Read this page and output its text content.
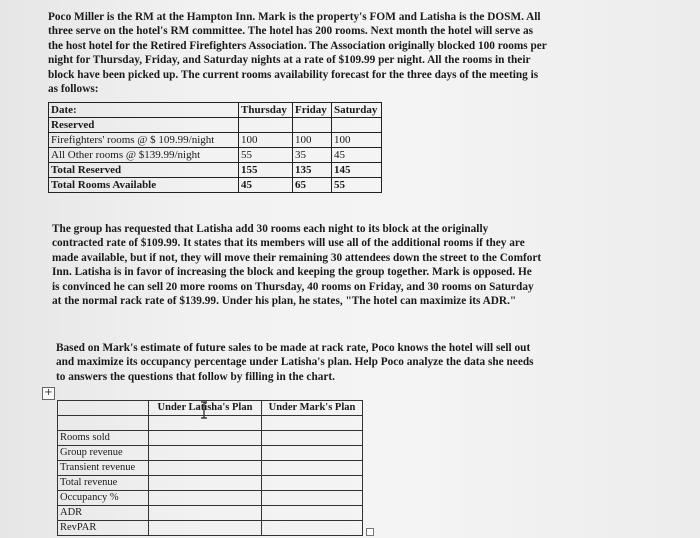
Poco Miller is the RM at the Hampton Inn. Mark is the property's FOM and Latisha is the DOSM. All three serve on the hotel's RM committee. The hotel has 200 rooms. Next month the hotel will serve as the host hotel for the Retired Firefighters Association. The Association originally blocked 100 rooms per night for Thursday, Friday, and Saturday nights at a rate of $109.99 per night. All the rooms in their block have been picked up. The current rooms availability forecast for the three days of the meeting is as follows:

Date:	Thursday	Friday	Saturday
Reserved			
Firefighters' rooms @ $ 109.99/night	100	100	100
All Other rooms @ $139.99/night	55	35	45
Total Reserved	155	135	145
Total Rooms Available	45	65	55

The group has requested that Latisha add 30 rooms each night to its block at the originally contracted rate of $109.99. It states that its members will use all of the additional rooms if they are made available, but if not, they will move their remaining 30 attendees down the street to the Comfort Inn. Latisha is in favor of increasing the block and keeping the group together. Mark is opposed. He is convinced he can sell 20 more rooms on Thursday, 40 rooms on Friday, and 30 rooms on Saturday at the normal rack rate of $139.99. Under his plan, he states, "The hotel can maximize its ADR."

Based on Mark's estimate of future sales to be made at rack rate, Poco knows the hotel will sell out and maximize its occupancy percentage under Latisha's plan. Help Poco analyze the data she needs to answers the questions that follow by filling in the chart.

+
	Under Latisha's Plan	Under Mark's Plan

Rooms sold		
Group revenue		
Transient revenue		
Total revenue		
Occupancy %		
ADR		
RevPAR		
